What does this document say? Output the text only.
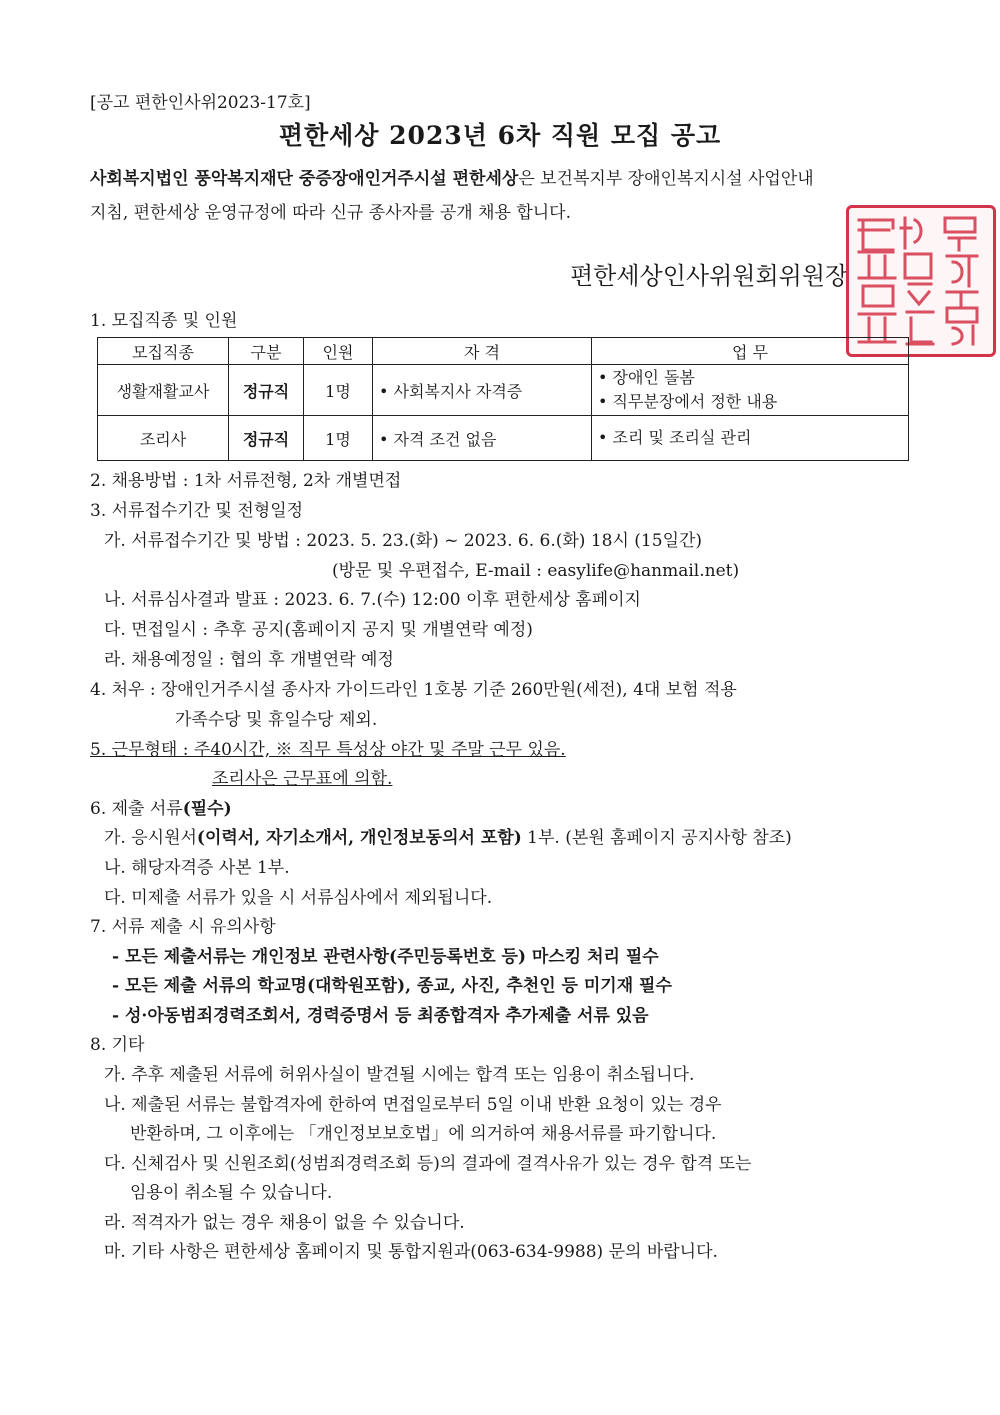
[공고 편한인사위2023-17호]
편한세상 2023년 6차 직원 모집 공고
사회복지법인 풍악복지재단 중증장애인거주시설 편한세상은 보건복지부 장애인복지시설 사업안내
지침, 편한세상 운영규정에 따라 신규 종사자를 공개 채용 합니다.
편한세상인사위원회위원장
1. 모집직종 및 인원
모집직종	구분	인원	자 격	업 무
생활재활교사	정규직	1명	• 사회복지사 자격증	• 장애인 돌봄
• 직무분장에서 정한 내용

조리사	정규직	1명	• 자격 조건 없음	• 조리 및 조리실 관리
2. 채용방법 : 1차 서류전형, 2차 개별면접
3. 서류접수기간 및 전형일정
가. 서류접수기간 및 방법 : 2023. 5. 23.(화) ~ 2023. 6. 6.(화) 18시 (15일간)
(방문 및 우편접수, E-mail : easylife@hanmail.net)
나. 서류심사결과 발표 : 2023. 6. 7.(수) 12:00 이후 편한세상 홈페이지
다. 면접일시 : 추후 공지(홈페이지 공지 및 개별연락 예정)
라. 채용예정일 : 협의 후 개별연락 예정
4. 처우 : 장애인거주시설 종사자 가이드라인 1호봉 기준 260만원(세전), 4대 보험 적용
가족수당 및 휴일수당 제외.
5. 근무형태 : 주40시간, ※ 직무 특성상 야간 및 주말 근무 있음.
조리사은 근무표에 의함.
6. 제출 서류(필수)
가. 응시원서(이력서, 자기소개서, 개인정보동의서 포함) 1부. (본원 홈페이지 공지사항 참조)
나. 해당자격증 사본 1부.
다. 미제출 서류가 있을 시 서류심사에서 제외됩니다.
7. 서류 제출 시 유의사항
- 모든 제출서류는 개인정보 관련사항(주민등록번호 등) 마스킹 처리 필수
- 모든 제출 서류의 학교명(대학원포함), 종교, 사진, 추천인 등 미기재 필수
- 성·아동범죄경력조회서, 경력증명서 등 최종합격자 추가제출 서류 있음
8. 기타
가. 추후 제출된 서류에 허위사실이 발견될 시에는 합격 또는 임용이 취소됩니다.
나. 제출된 서류는 불합격자에 한하여 면접일로부터 5일 이내 반환 요청이 있는 경우
반환하며, 그 이후에는 「개인정보보호법」에 의거하여 채용서류를 파기합니다.
다. 신체검사 및 신원조회(성범죄경력조회 등)의 결과에 결격사유가 있는 경우 합격 또는
임용이 취소될 수 있습니다.
라. 적격자가 없는 경우 채용이 없을 수 있습니다.
마. 기타 사항은 편한세상 홈페이지 및 통합지원과(063-634-9988) 문의 바랍니다.
